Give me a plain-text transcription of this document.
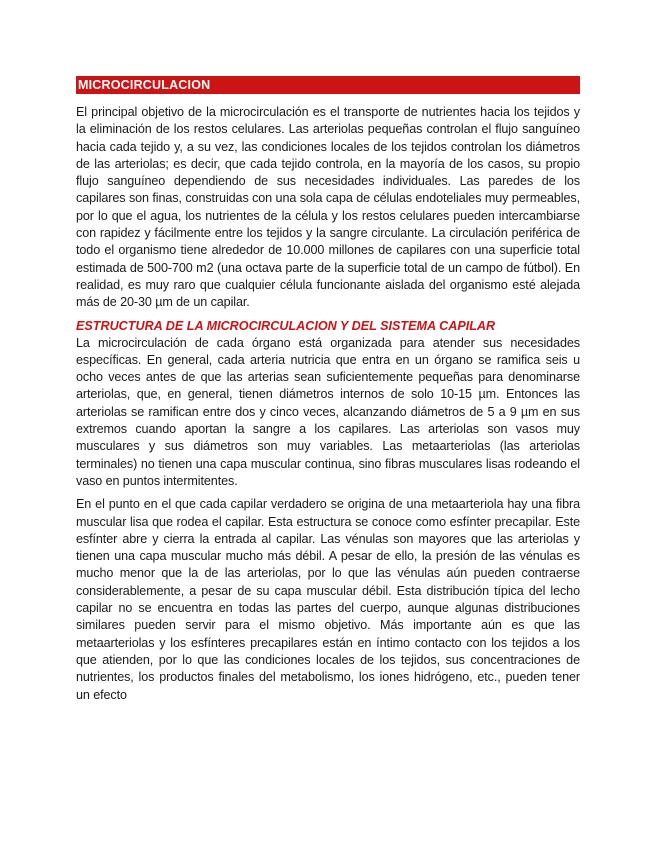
MICROCIRCULACION

El principal objetivo de la microcirculación es el transporte de nutrientes hacia los tejidos y la eliminación de los restos celulares. Las arteriolas pequeñas controlan el flujo sanguíneo hacia cada tejido y, a su vez, las condiciones locales de los tejidos controlan los diámetros de las arteriolas; es decir, que cada tejido controla, en la mayoría de los casos, su propio flujo sanguíneo dependiendo de sus necesidades individuales. Las paredes de los capilares son finas, construidas con una sola capa de células endoteliales muy permeables, por lo que el agua, los nutrientes de la célula y los restos celulares pueden intercambiarse con rapidez y fácilmente entre los tejidos y la sangre circulante. La circulación periférica de todo el organismo tiene alrededor de 10.000 millones de capilares con una superficie total estimada de 500-700 m2 (una octava parte de la superficie total de un campo de fútbol). En realidad, es muy raro que cualquier célula funcionante aislada del organismo esté alejada más de 20-30 µm de un capilar.

ESTRUCTURA DE LA MICROCIRCULACION Y DEL SISTEMA CAPILAR

La microcirculación de cada órgano está organizada para atender sus necesidades específicas. En general, cada arteria nutricia que entra en un órgano se ramifica seis u ocho veces antes de que las arterias sean suficientemente pequeñas para denominarse arteriolas, que, en general, tienen diámetros internos de solo 10-15 µm. Entonces las arteriolas se ramifican entre dos y cinco veces, alcanzando diámetros de 5 a 9 µm en sus extremos cuando aportan la sangre a los capilares. Las arteriolas son vasos muy musculares y sus diámetros son muy variables. Las metaarteriolas (las arteriolas terminales) no tienen una capa muscular continua, sino fibras musculares lisas rodeando el vaso en puntos intermitentes.

En el punto en el que cada capilar verdadero se origina de una metaarteriola hay una fibra muscular lisa que rodea el capilar. Esta estructura se conoce como esfínter precapilar. Este esfínter abre y cierra la entrada al capilar. Las vénulas son mayores que las arteriolas y tienen una capa muscular mucho más débil. A pesar de ello, la presión de las vénulas es mucho menor que la de las arteriolas, por lo que las vénulas aún pueden contraerse considerablemente, a pesar de su capa muscular débil. Esta distribución típica del lecho capilar no se encuentra en todas las partes del cuerpo, aunque algunas distribuciones similares pueden servir para el mismo objetivo. Más importante aún es que las metaarteriolas y los esfínteres precapilares están en íntimo contacto con los tejidos a los que atienden, por lo que las condiciones locales de los tejidos, sus concentraciones de nutrientes, los productos finales del metabolismo, los iones hidrógeno, etc., pueden tener un efecto
